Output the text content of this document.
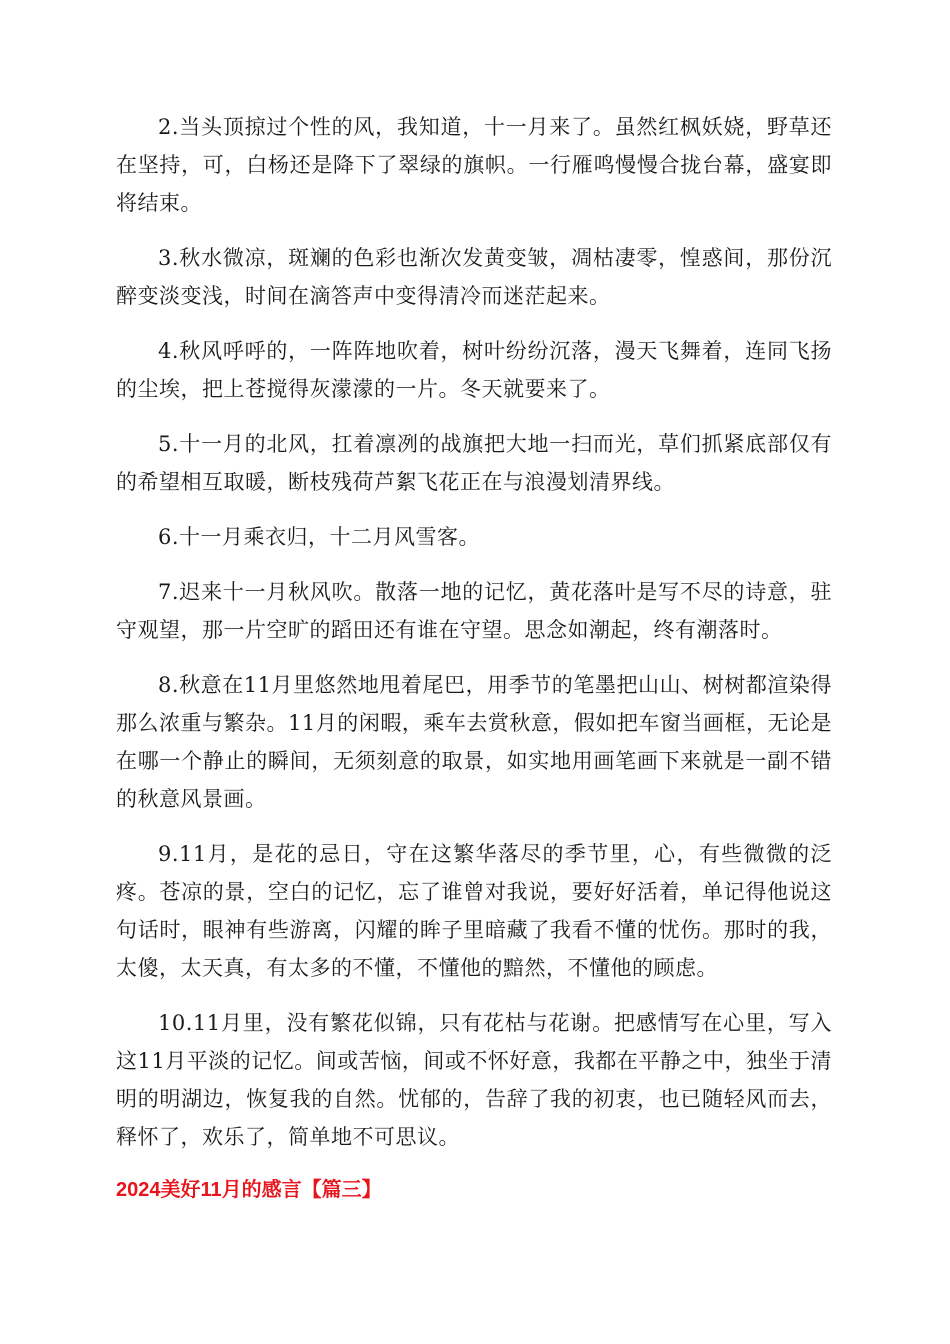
2.当头顶掠过个性的风，我知道，十一月来了。虽然红枫妖娆，野草还在坚持，可，白杨还是降下了翠绿的旗帜。一行雁鸣慢慢合拢台幕，盛宴即将结束。

3.秋水微凉，斑斓的色彩也渐次发黄变皱，凋枯凄零，惶惑间，那份沉醉变淡变浅，时间在滴答声中变得清冷而迷茫起来。

4.秋风呼呼的，一阵阵地吹着，树叶纷纷沉落，漫天飞舞着，连同飞扬的尘埃，把上苍搅得灰濛濛的一片。冬天就要来了。

5.十一月的北风，扛着凛冽的战旗把大地一扫而光，草们抓紧底部仅有的希望相互取暖，断枝残荷芦絮飞花正在与浪漫划清界线。

6.十一月乘衣归，十二月风雪客。

7.迟来十一月秋风吹。散落一地的记忆，黄花落叶是写不尽的诗意，驻守观望，那一片空旷的蹈田还有谁在守望。思念如潮起，终有潮落时。

8.秋意在11月里悠然地甩着尾巴，用季节的笔墨把山山、树树都渲染得那么浓重与繁杂。11月的闲暇，乘车去赏秋意，假如把车窗当画框，无论是在哪一个静止的瞬间，无须刻意的取景，如实地用画笔画下来就是一副不错的秋意风景画。

9.11月，是花的忌日，守在这繁华落尽的季节里，心，有些微微的泛疼。苍凉的景，空白的记忆，忘了谁曾对我说，要好好活着，单记得他说这句话时，眼神有些游离，闪耀的眸子里暗藏了我看不懂的忧伤。那时的我，太傻，太天真，有太多的不懂，不懂他的黯然，不懂他的顾虑。

10.11月里，没有繁花似锦，只有花枯与花谢。把感情写在心里，写入这11月平淡的记忆。间或苦恼，间或不怀好意，我都在平静之中，独坐于清明的明湖边，恢复我的自然。忧郁的，告辞了我的初衷，也已随轻风而去，释怀了，欢乐了，简单地不可思议。

2024美好11月的感言【篇三】
